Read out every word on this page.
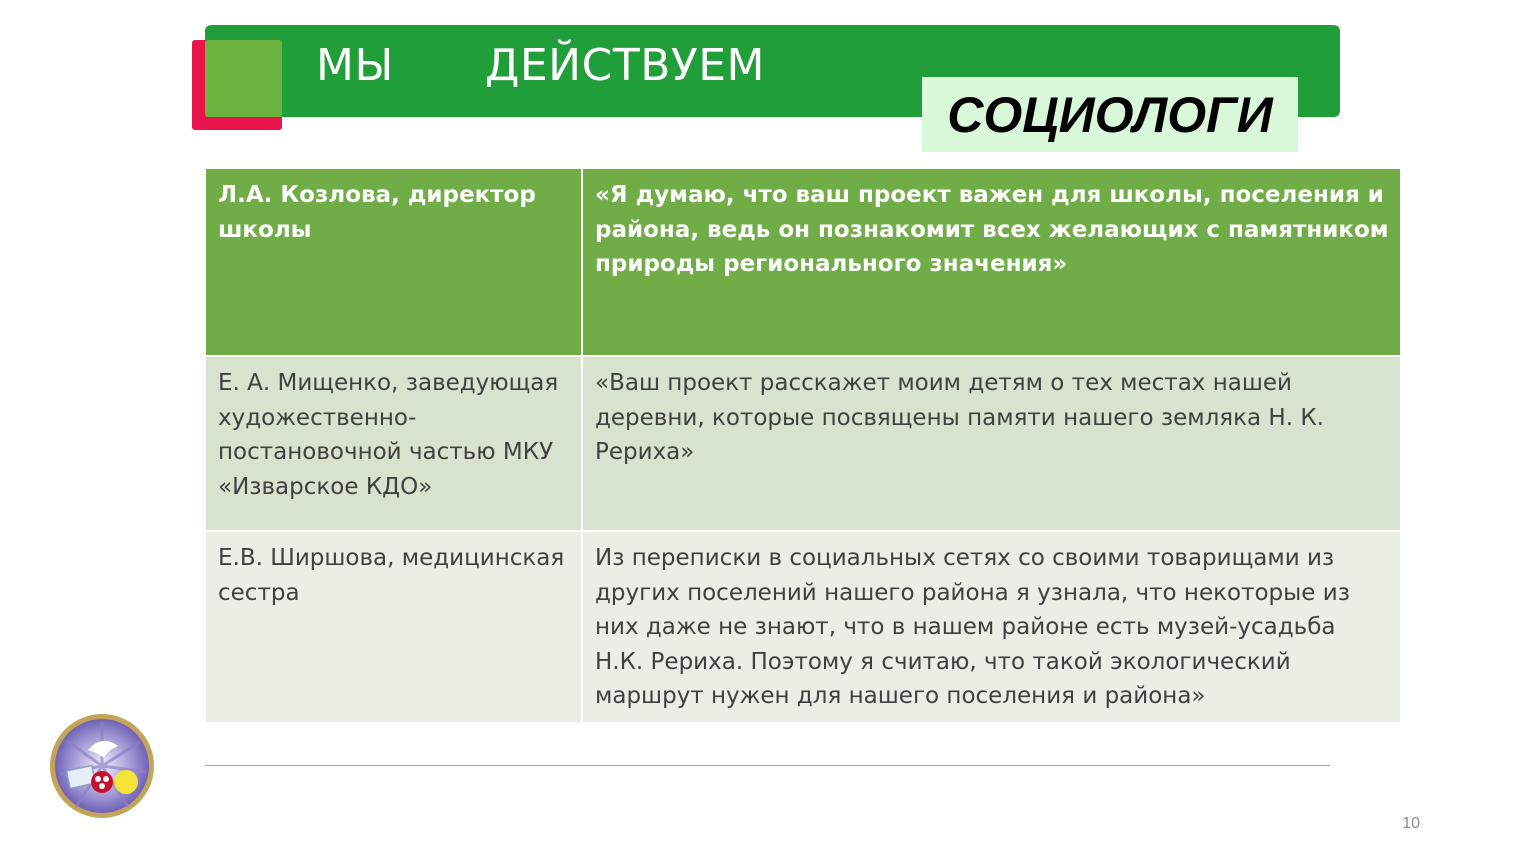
МЫ ДЕЙСТВУЕМ
СОЦИОЛОГИ
Л.А. Козлова, директор школы	«Я думаю, что ваш проект важен для школы, поселения и района, ведь он познакомит всех желающих с памятником природы регионального значения»
Е. А. Мищенко, заведующая художественно-постановочной частью МКУ «Изварское КДО»	«Ваш проект расскажет моим детям о тех местах нашей деревни, которые посвящены памяти нашего земляка Н. К. Рериха»
Е.В. Ширшова, медицинская сестра	Из переписки в социальных сетях со своими товарищами из других поселений нашего района я узнала, что некоторые из них даже не знают, что в нашем районе есть музей-усадьба Н.К. Рериха. Поэтому я считаю, что такой экологический маршрут нужен для нашего поселения и района»
10
